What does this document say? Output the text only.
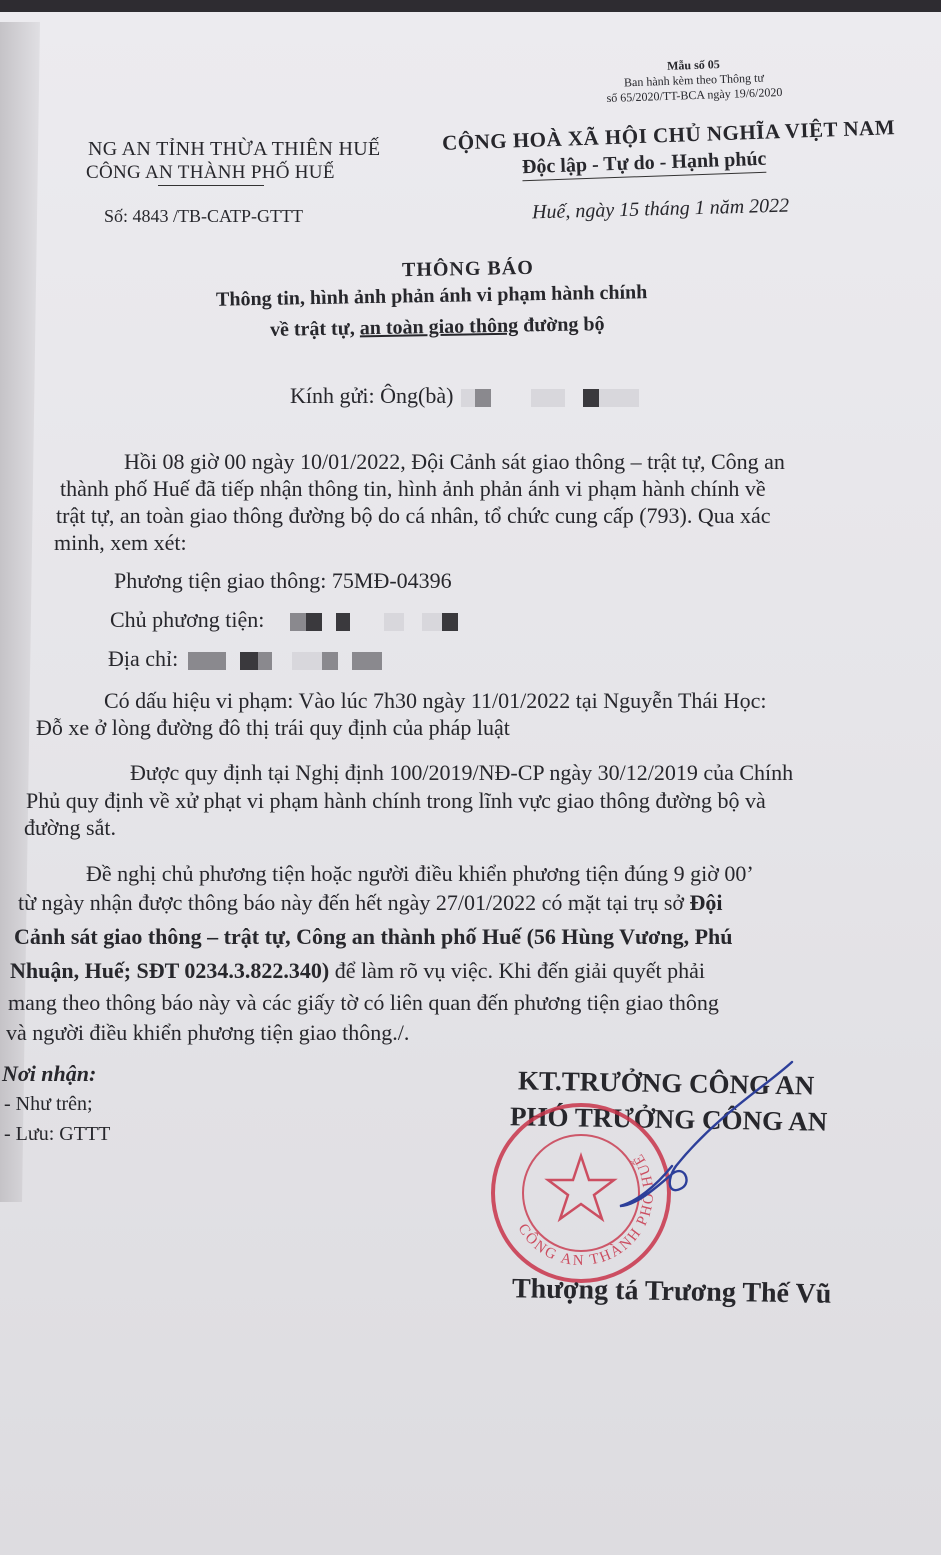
Mẫu số 05
Ban hành kèm theo Thông tư
số 65/2020/TT-BCA ngày 19/6/2020
NG AN TỈNH THỪA THIÊN HUẾ
CÔNG AN THÀNH PHỐ HUẾ
CỘNG HOÀ XÃ HỘI CHỦ NGHĨA VIỆT NAM
Độc lập - Tự do - Hạnh phúc
Số: 4843 /TB-CATP-GTTT	Huế, ngày 15 tháng 1 năm 2022
THÔNG BÁO
Thông tin, hình ảnh phản ánh vi phạm hành chính
về trật tự, an toàn giao thông đường bộ
Kính gửi: Ông(bà)
Hồi 08 giờ 00 ngày 10/01/2022, Đội Cảnh sát giao thông – trật tự, Công an
thành phố Huế đã tiếp nhận thông tin, hình ảnh phản ánh vi phạm hành chính về
trật tự, an toàn giao thông đường bộ do cá nhân, tổ chức cung cấp (793). Qua xác
minh, xem xét:
Phương tiện giao thông: 75MĐ-04396
Chủ phương tiện:
Địa chỉ:
Có dấu hiệu vi phạm: Vào lúc 7h30 ngày 11/01/2022 tại Nguyễn Thái Học:
Đỗ xe ở lòng đường đô thị trái quy định của pháp luật
Được quy định tại Nghị định 100/2019/NĐ-CP ngày 30/12/2019 của Chính
Phủ quy định về xử phạt vi phạm hành chính trong lĩnh vực giao thông đường bộ và
đường sắt.
Đề nghị chủ phương tiện hoặc người điều khiển phương tiện đúng 9 giờ 00’
từ ngày nhận được thông báo này đến hết ngày 27/01/2022 có mặt tại trụ sở Đội
Cảnh sát giao thông – trật tự, Công an thành phố Huế (56 Hùng Vương, Phú
Nhuận, Huế; SĐT 0234.3.822.340) để làm rõ vụ việc. Khi đến giải quyết phải
mang theo thông báo này và các giấy tờ có liên quan đến phương tiện giao thông
và người điều khiển phương tiện giao thông./.
Nơi nhận:
- Như trên;
- Lưu: GTTT
KT.TRƯỞNG CÔNG AN
PHÓ TRƯỞNG CÔNG AN
CÔNG AN THÀNH PHỐ HUẾ
Thượng tá Trương Thế Vũ
